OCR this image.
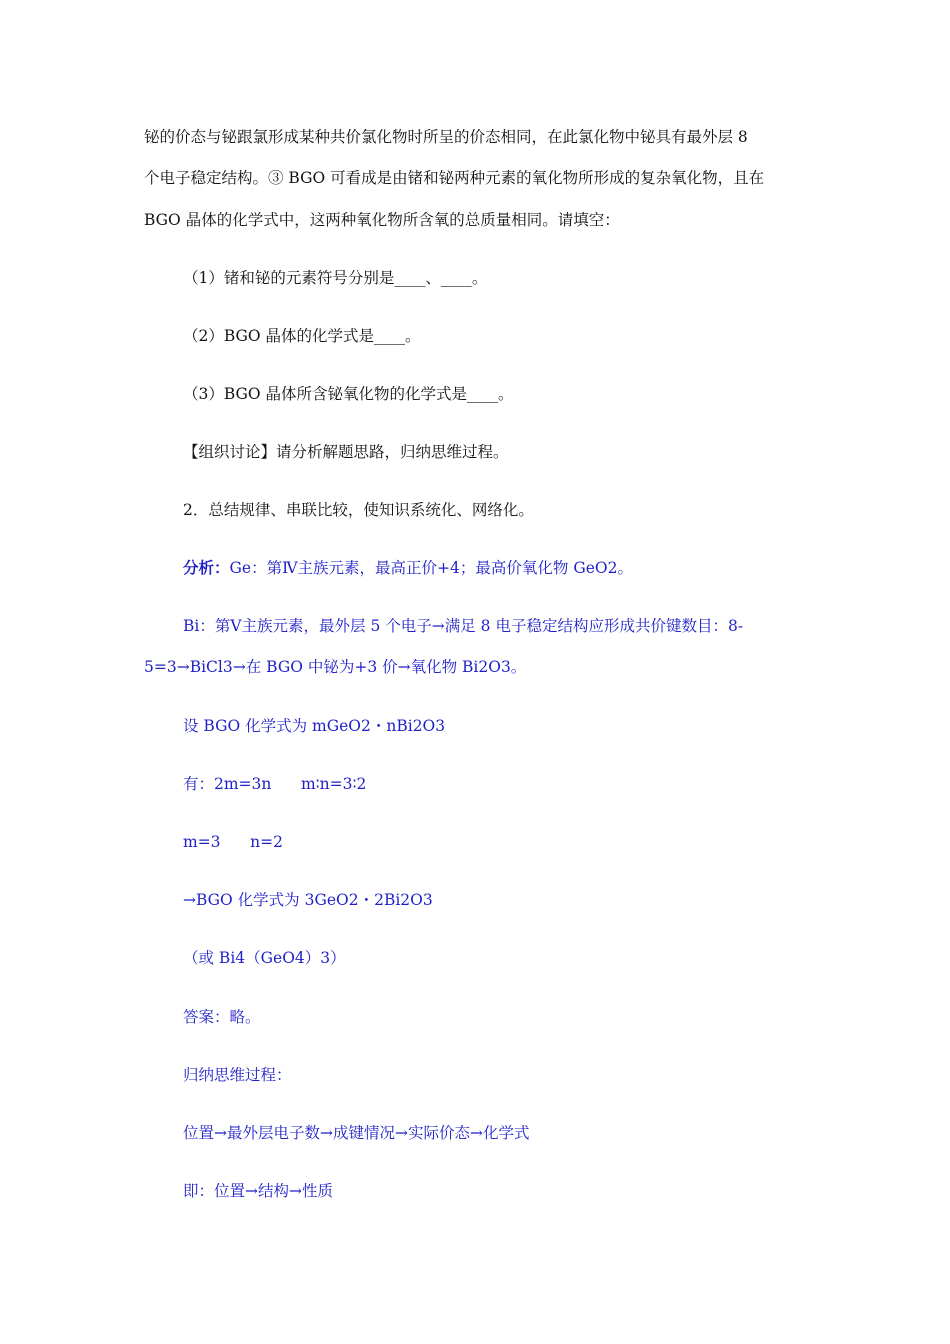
铋的价态与铋跟氯形成某种共价氯化物时所呈的价态相同，在此氯化物中铋具有最外层 8
个电子稳定结构。③ BGO 可看成是由锗和铋两种元素的氧化物所形成的复杂氧化物，且在
BGO 晶体的化学式中，这两种氧化物所含氧的总质量相同。请填空：
（1）锗和铋的元素符号分别是____、____。
（2）BGO 晶体的化学式是____。
（3）BGO 晶体所含铋氧化物的化学式是____。
【组织讨论】请分析解题思路，归纳思维过程。
2．总结规律、串联比较，使知识系统化、网络化。
分析：Ge：第Ⅳ主族元素，最高正价+4；最高价氧化物 GeO2。
Bi：第Ⅴ主族元素，最外层 5 个电子→满足 8 电子稳定结构应形成共价键数目：8-
5=3→BiCl3→在 BGO 中铋为+3 价→氧化物 Bi2O3。
设 BGO 化学式为 mGeO2・nBi2O3
有：2m=3n      m∶n=3∶2
m=3      n=2
→BGO 化学式为 3GeO2・2Bi2O3
（或 Bi4（GeO4）3）
答案：略。
归纳思维过程：
位置→最外层电子数→成键情况→实际价态→化学式
即：位置→结构→性质
